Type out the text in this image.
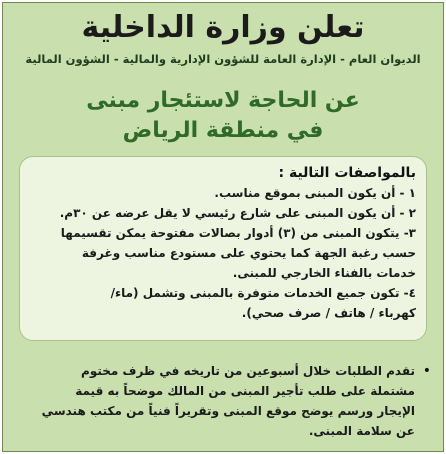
تعلن وزارة الداخلية
الديوان العام - الإدارة العامة للشؤون الإدارية والمالية - الشؤون المالية
عن الحاجة لاستئجار مبنى
في منطقة الرياض
بالمواصفات التالية :
١ - أن يكون المبنى بموقع مناسب.
٢ - أن يكون المبنى على شارع رئيسي لا يقل عرضه عن ٣٠م.
٣- يتكون المبنى من (٣) أدوار بصالات مفتوحة يمكن تقسيمها
حسب رغبة الجهة كما يحتوي على مستودع مناسب وغرفة
خدمات بالفناء الخارجي للمبنى.
٤- تكون جميع الخدمات متوفرة بالمبنى وتشمل (ماء/
كهرباء / هاتف / صرف صحي).
•
تقدم الطلبات خلال أسبوعين من تاريخه في ظرف مختوم
مشتملة على طلب تأجير المبنى من المالك موضحاً به قيمة
الإيجار ورسم يوضح موقع المبنى وتقريراً فنياً من مكتب هندسي
عن سلامة المبنى.
